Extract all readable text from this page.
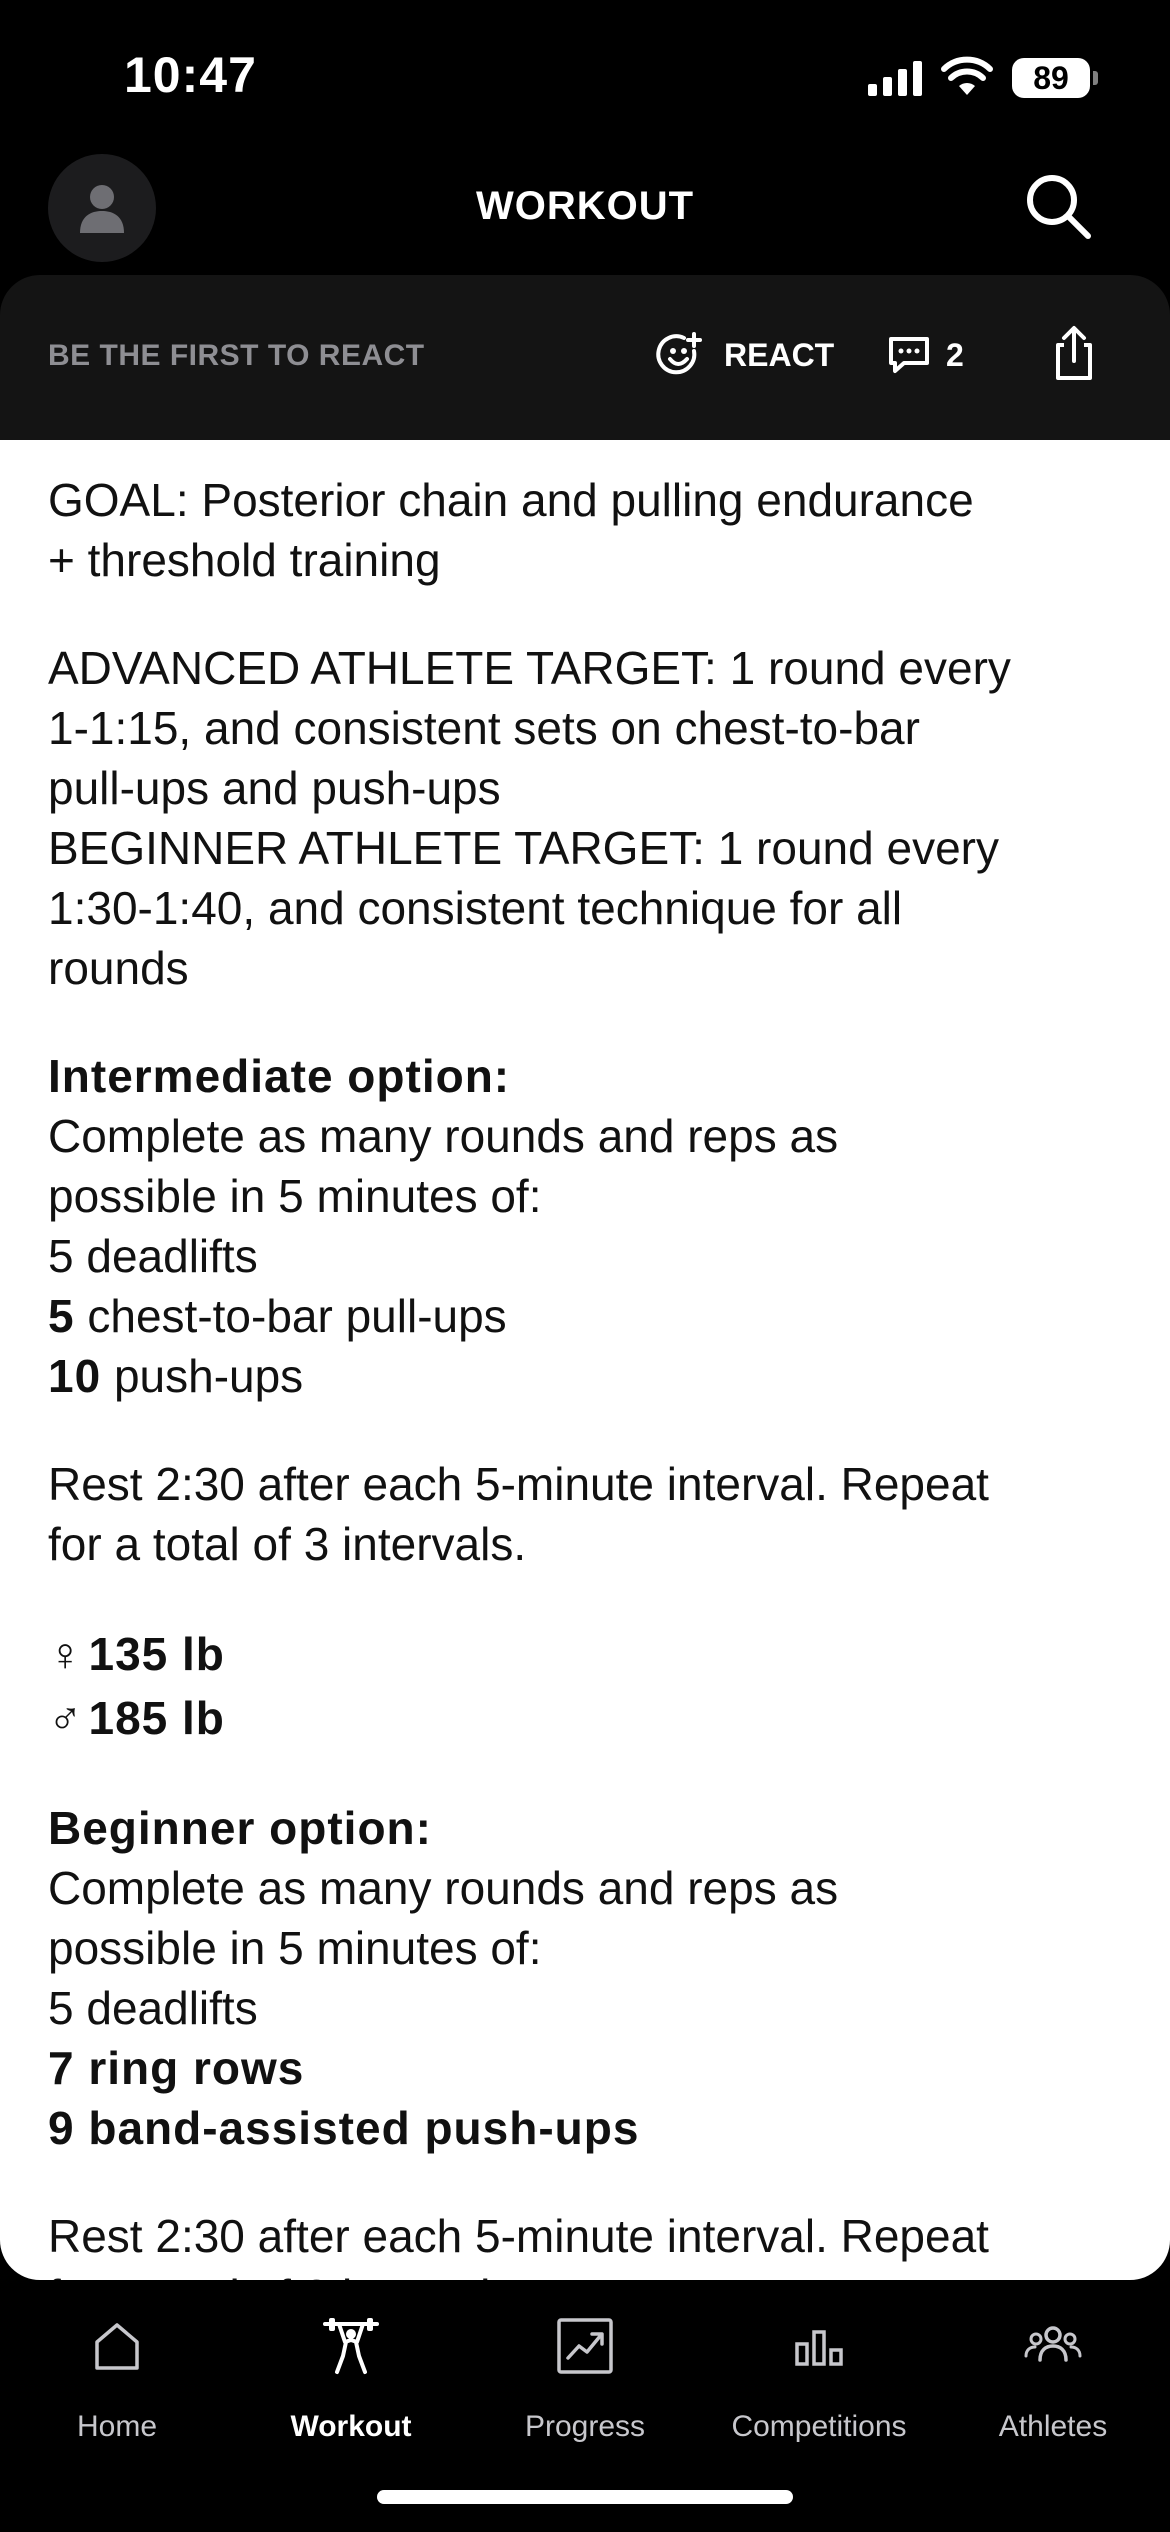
10:47	89
WORKOUT
BE THE FIRST TO REACT	REACT	2
GOAL: Posterior chain and pulling endurance
+ threshold training
ADVANCED ATHLETE TARGET: 1 round every
1-1:15, and consistent sets on chest-to-bar
pull-ups and push-ups
BEGINNER ATHLETE TARGET: 1 round every
1:30-1:40, and consistent technique for all
rounds
Intermediate option:
Complete as many rounds and reps as
possible in 5 minutes of:
5 deadlifts
5 chest-to-bar pull-ups
10 push-ups
Rest 2:30 after each 5-minute interval. Repeat
for a total of 3 intervals.
♀ 135 lb
♂ 185 lb
Beginner option:
Complete as many rounds and reps as
possible in 5 minutes of:
5 deadlifts
7 ring rows
9 band-assisted push-ups
Rest 2:30 after each 5-minute interval. Repeat
Home	Workout	Progress	Competitions	Athletes
